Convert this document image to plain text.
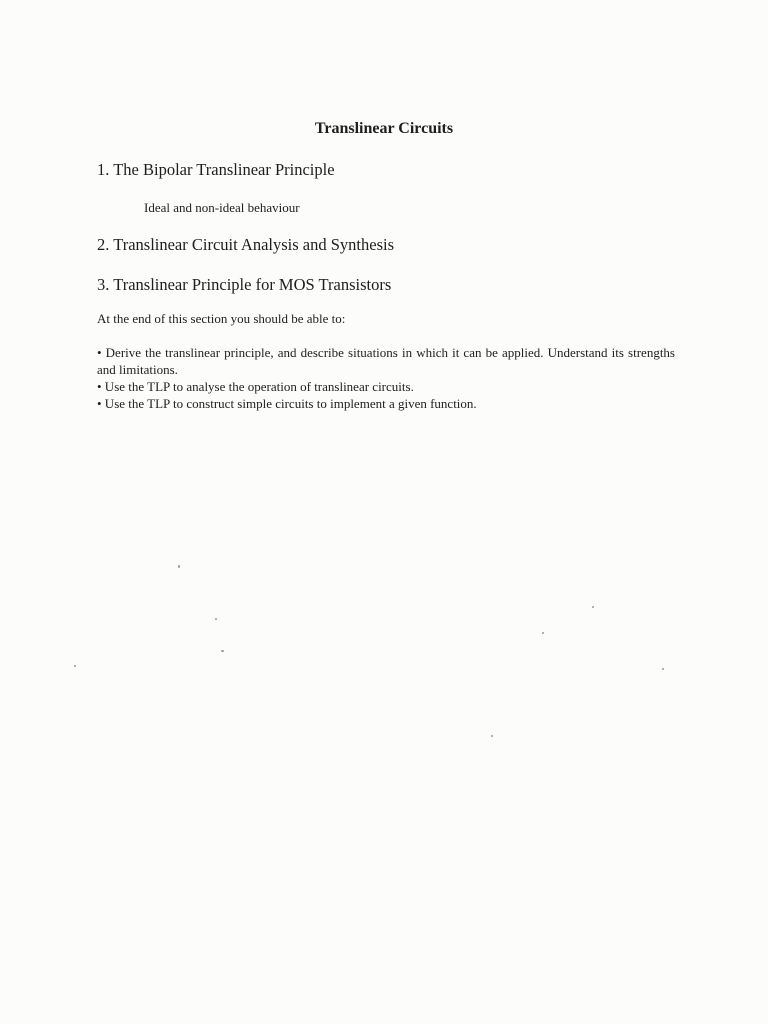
Translinear Circuits
1. The Bipolar Translinear Principle
Ideal and non-ideal behaviour
2. Translinear Circuit Analysis and Synthesis
3. Translinear Principle for MOS Transistors
At the end of this section you should be able to:

• Derive the translinear principle, and describe situations in which it can be applied. Understand its strengths and limitations.

• Use the TLP to analyse the operation of translinear circuits.

• Use the TLP to construct simple circuits to implement a given function.
